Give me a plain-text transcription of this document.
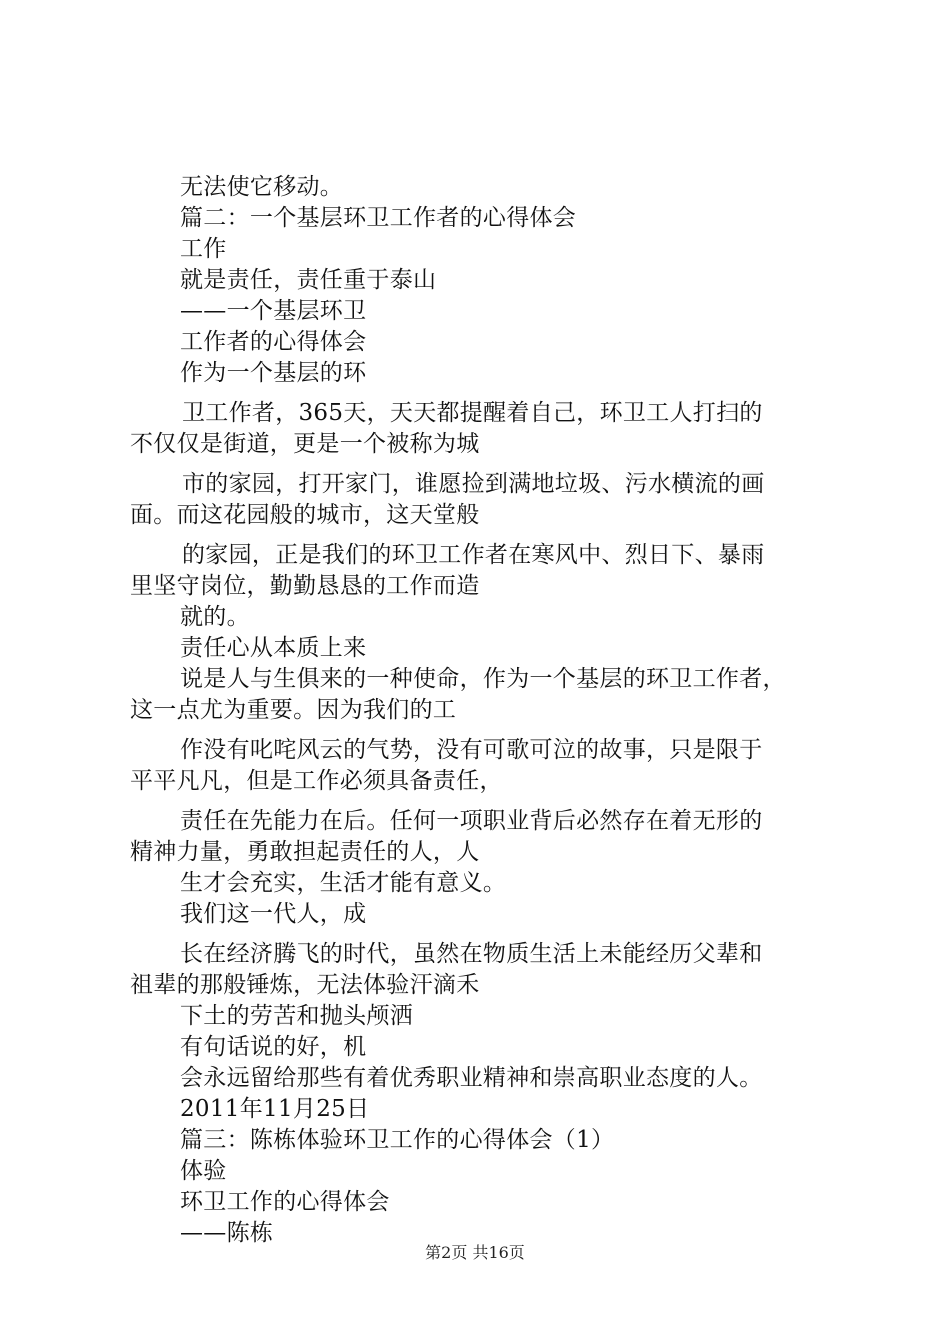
无法使它移动。
篇二：一个基层环卫工作者的心得体会
工作
就是责任，责任重于泰山
——一个基层环卫
工作者的心得体会
作为一个基层的环
卫工作者，365天，天天都提醒着自己，环卫工人打扫的
不仅仅是街道，更是一个被称为城
市的家园，打开家门，谁愿捡到满地垃圾、污水横流的画
面。而这花园般的城市，这天堂般
的家园，正是我们的环卫工作者在寒风中、烈日下、暴雨
里坚守岗位，勤勤恳恳的工作而造
就的。
责任心从本质上来
说是人与生俱来的一种使命，作为一个基层的环卫工作者，
这一点尤为重要。因为我们的工
作没有叱咤风云的气势，没有可歌可泣的故事，只是限于
平平凡凡，但是工作必须具备责任，
责任在先能力在后。任何一项职业背后必然存在着无形的
精神力量，勇敢担起责任的人，人
生才会充实，生活才能有意义。
我们这一代人，成
长在经济腾飞的时代，虽然在物质生活上未能经历父辈和
祖辈的那般锤炼，无法体验汗滴禾
下土的劳苦和抛头颅洒
有句话说的好，机
会永远留给那些有着优秀职业精神和崇高职业态度的人。
2011年11月25日
篇三：陈栋体验环卫工作的心得体会（1）
体验
环卫工作的心得体会
——陈栋
第2页 共16页
